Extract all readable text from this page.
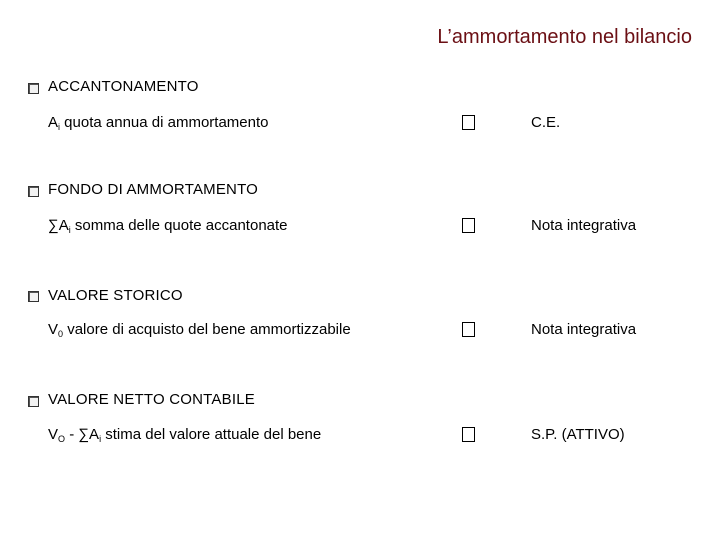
L’ammortamento nel bilancio
ACCANTONAMENTO
$A_i$ quota annua di ammortamento	C.E.
FONDO DI AMMORTAMENTO
$\sum A_i$ somma delle quote accantonate	Nota integrativa
VALORE STORICO
$V_0$ valore di acquisto del bene ammortizzabile	Nota integrativa
VALORE NETTO CONTABILE
$V_O - \sum A_i$ stima del valore attuale del bene	S.P. (ATTIVO)
